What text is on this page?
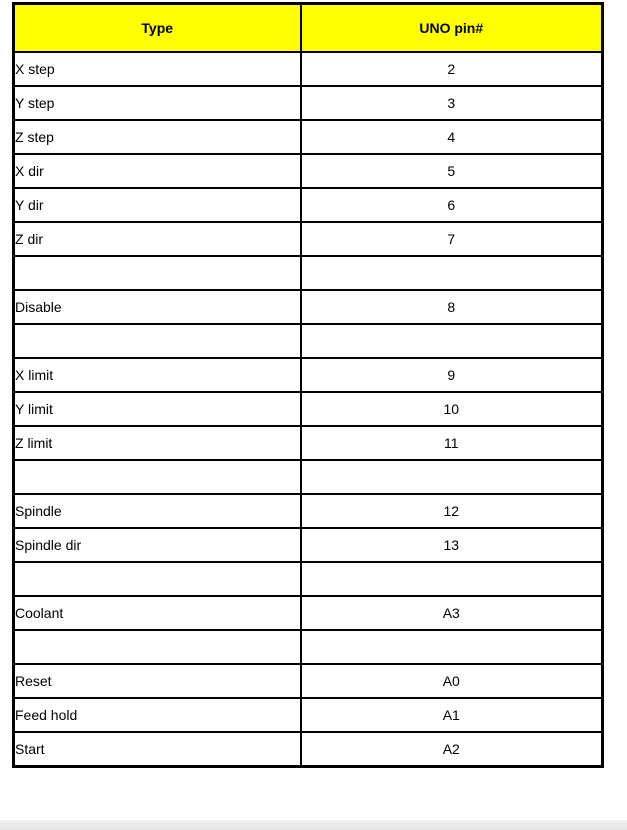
Type	UNO pin#
X step	2
Y step	3
Z step	4
X dir	5
Y dir	6
Z dir	7

Disable	8

X limit	9
Y limit	10
Z limit	11

Spindle	12
Spindle dir	13

Coolant	A3

Reset	A0
Feed hold	A1
Start	A2
